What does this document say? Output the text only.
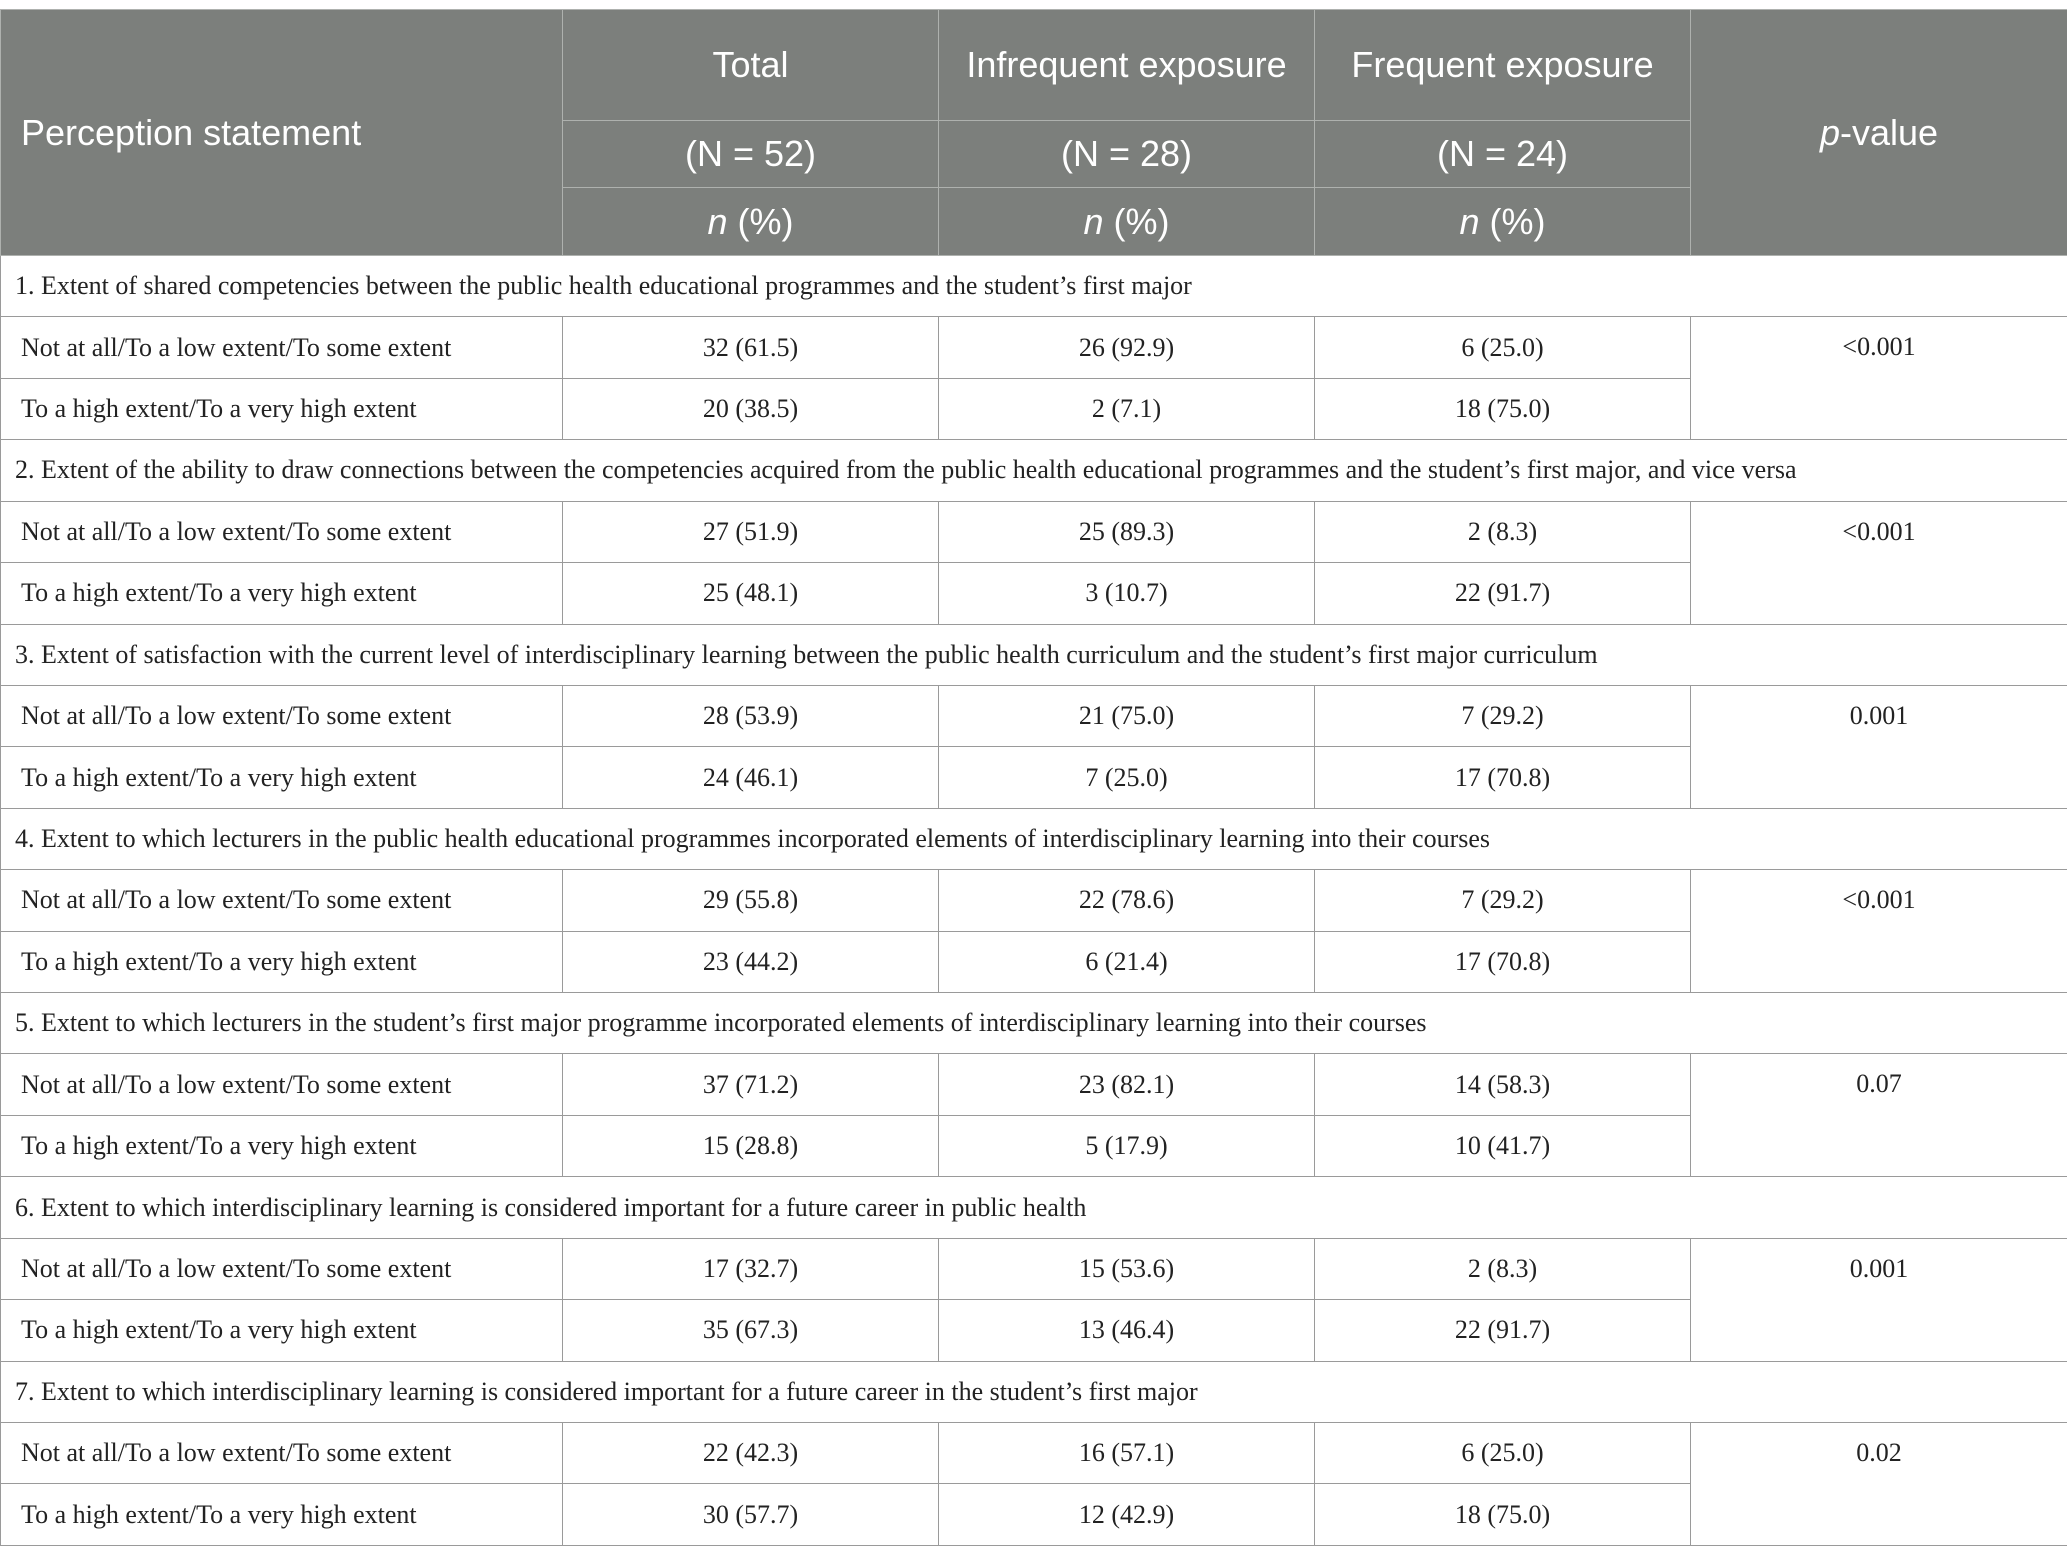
Perception statement	Total	Infrequent exposure	Frequent exposure	p-value
	(N = 52)	(N = 28)	(N = 24)	
	n (%)	n (%)	n (%)	
1. Extent of shared competencies between the public health educational programmes and the student’s first major				
Not at all/To a low extent/To some extent	32 (61.5)	26 (92.9)	6 (25.0)	<0.001
To a high extent/To a very high extent	20 (38.5)	2 (7.1)	18 (75.0)	
2. Extent of the ability to draw connections between the competencies acquired from the public health educational programmes and the student’s first major, and vice versa				
Not at all/To a low extent/To some extent	27 (51.9)	25 (89.3)	2 (8.3)	<0.001
To a high extent/To a very high extent	25 (48.1)	3 (10.7)	22 (91.7)	
3. Extent of satisfaction with the current level of interdisciplinary learning between the public health curriculum and the student’s first major curriculum				
Not at all/To a low extent/To some extent	28 (53.9)	21 (75.0)	7 (29.2)	0.001
To a high extent/To a very high extent	24 (46.1)	7 (25.0)	17 (70.8)	
4. Extent to which lecturers in the public health educational programmes incorporated elements of interdisciplinary learning into their courses				
Not at all/To a low extent/To some extent	29 (55.8)	22 (78.6)	7 (29.2)	<0.001
To a high extent/To a very high extent	23 (44.2)	6 (21.4)	17 (70.8)	
5. Extent to which lecturers in the student’s first major programme incorporated elements of interdisciplinary learning into their courses				
Not at all/To a low extent/To some extent	37 (71.2)	23 (82.1)	14 (58.3)	0.07
To a high extent/To a very high extent	15 (28.8)	5 (17.9)	10 (41.7)	
6. Extent to which interdisciplinary learning is considered important for a future career in public health				
Not at all/To a low extent/To some extent	17 (32.7)	15 (53.6)	2 (8.3)	0.001
To a high extent/To a very high extent	35 (67.3)	13 (46.4)	22 (91.7)	
7. Extent to which interdisciplinary learning is considered important for a future career in the student’s first major				
Not at all/To a low extent/To some extent	22 (42.3)	16 (57.1)	6 (25.0)	0.02
To a high extent/To a very high extent	30 (57.7)	12 (42.9)	18 (75.0)	
